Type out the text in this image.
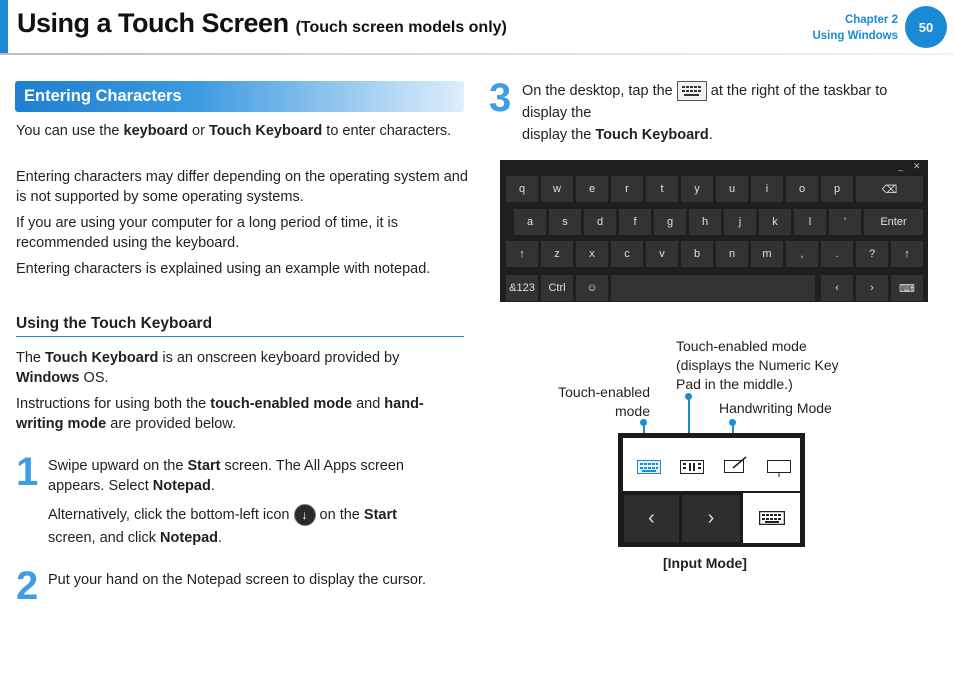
Using a Touch Screen (Touch screen models only)	Chapter 2
Using Windows
50
Entering Characters
You can use the keyboard or Touch Keyboard to enter characters.
Entering characters may differ depending on the operating system and is not supported by some operating systems.
If you are using your computer for a long period of time, it is recommended using the keyboard.
Entering characters is explained using an example with notepad.
Using the Touch Keyboard
The Touch Keyboard is an onscreen keyboard provided by Windows OS.
Instructions for using both the touch-enabled mode and hand-writing mode are provided below.
1 Swipe upward on the Start screen. The All Apps screen appears. Select Notepad.
Alternatively, click the bottom-left icon ↓ on the Start
screen, and click Notepad.
2 Put your hand on the Notepad screen to display the cursor.
3 On the desktop, tap the  at the right of the taskbar to display the
display the Touch Keyboard.
_ ✕
q	w	e	r	t	y	u	i	o	p	⌫
a	s	d	f	g	h	j	k	l	'	Enter
↑	z	x	c	v	b	n	m	,	.	?	↑
&123	Ctrl	☺	‹	›	⌨
Touch-enabled mode (displays the Numeric Key Pad in the middle.)
Touch-enabled mode	Handwriting Mode
‹	›
[Input Mode]
